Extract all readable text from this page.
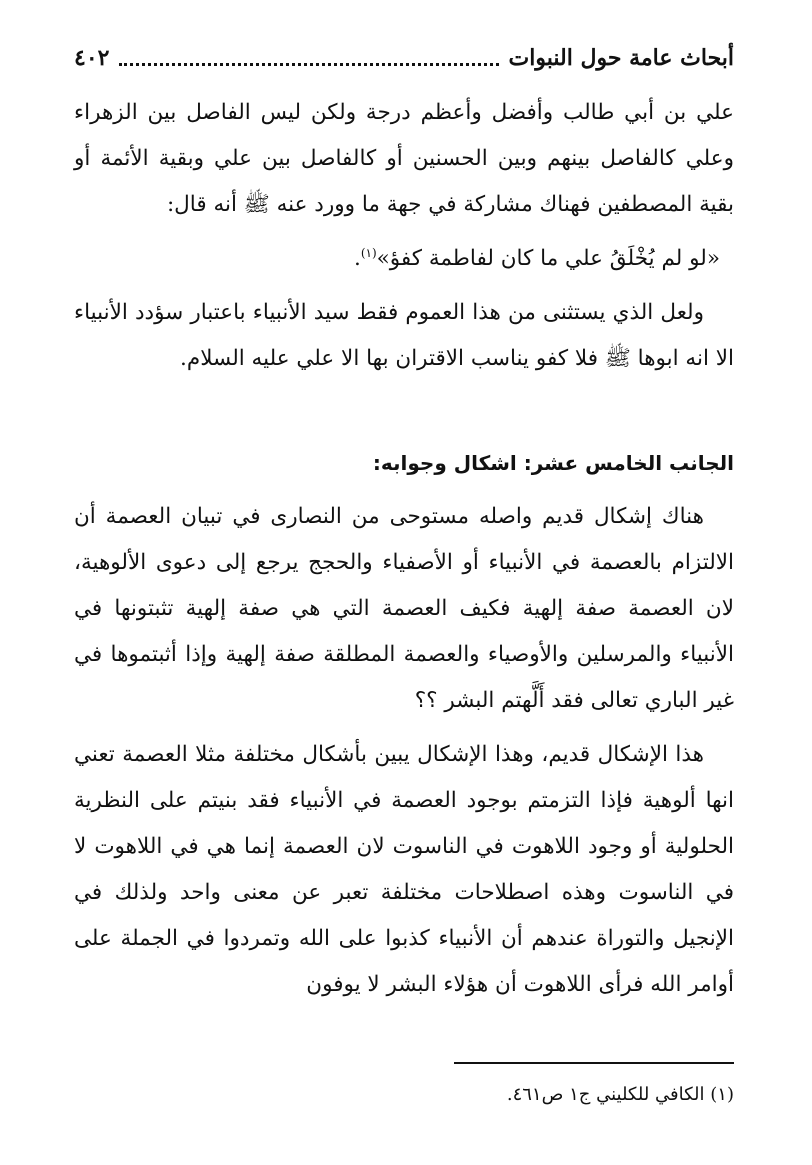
أبحاث عامة حول النبوات
٤٠٢

علي بن أبي طالب وأفضل وأعظم درجة ولكن ليس الفاصل بين الزهراء وعلي كالفاصل بينهم وبين الحسنين أو كالفاصل بين علي وبقية الأئمة أو بقية المصطفين فهناك مشاركة في جهة ما وورد عنه ﷺ أنه قال:

«لو لم يُخْلَقُ علي ما كان لفاطمة كفؤ»$^{(١)}$.

ولعل الذي يستثنى من هذا العموم فقط سيد الأنبياء باعتبار سؤدد الأنبياء الا انه ابوها ﷺ فلا كفو يناسب الاقتران بها الا علي عليه السلام.

الجانب الخامس عشر: اشكال وجوابه:

هناك إشكال قديم واصله مستوحى من النصارى في تبيان العصمة أن الالتزام بالعصمة في الأنبياء أو الأصفياء والحجج يرجع إلى دعوى الألوهية، لان العصمة صفة إلهية فكيف العصمة التي هي صفة إلهية تثبتونها في الأنبياء والمرسلين والأوصياء والعصمة المطلقة صفة إلهية وإذا أثبتموها في غير الباري تعالى فقد أَلَّهتم البشر ؟؟

هذا الإشكال قديم، وهذا الإشكال يبين بأشكال مختلفة مثلا العصمة تعني انها ألوهية فإذا التزمتم بوجود العصمة في الأنبياء فقد بنيتم على النظرية الحلولية أو وجود اللاهوت في الناسوت لان العصمة إنما هي في اللاهوت لا في الناسوت وهذه اصطلاحات مختلفة تعبر عن معنى واحد ولذلك في الإنجيل والتوراة عندهم أن الأنبياء كذبوا على الله وتمردوا في الجملة على أوامر الله فرأى اللاهوت أن هؤلاء البشر لا يوفون

(١) الكافي للكليني ج١ ص٤٦١.
